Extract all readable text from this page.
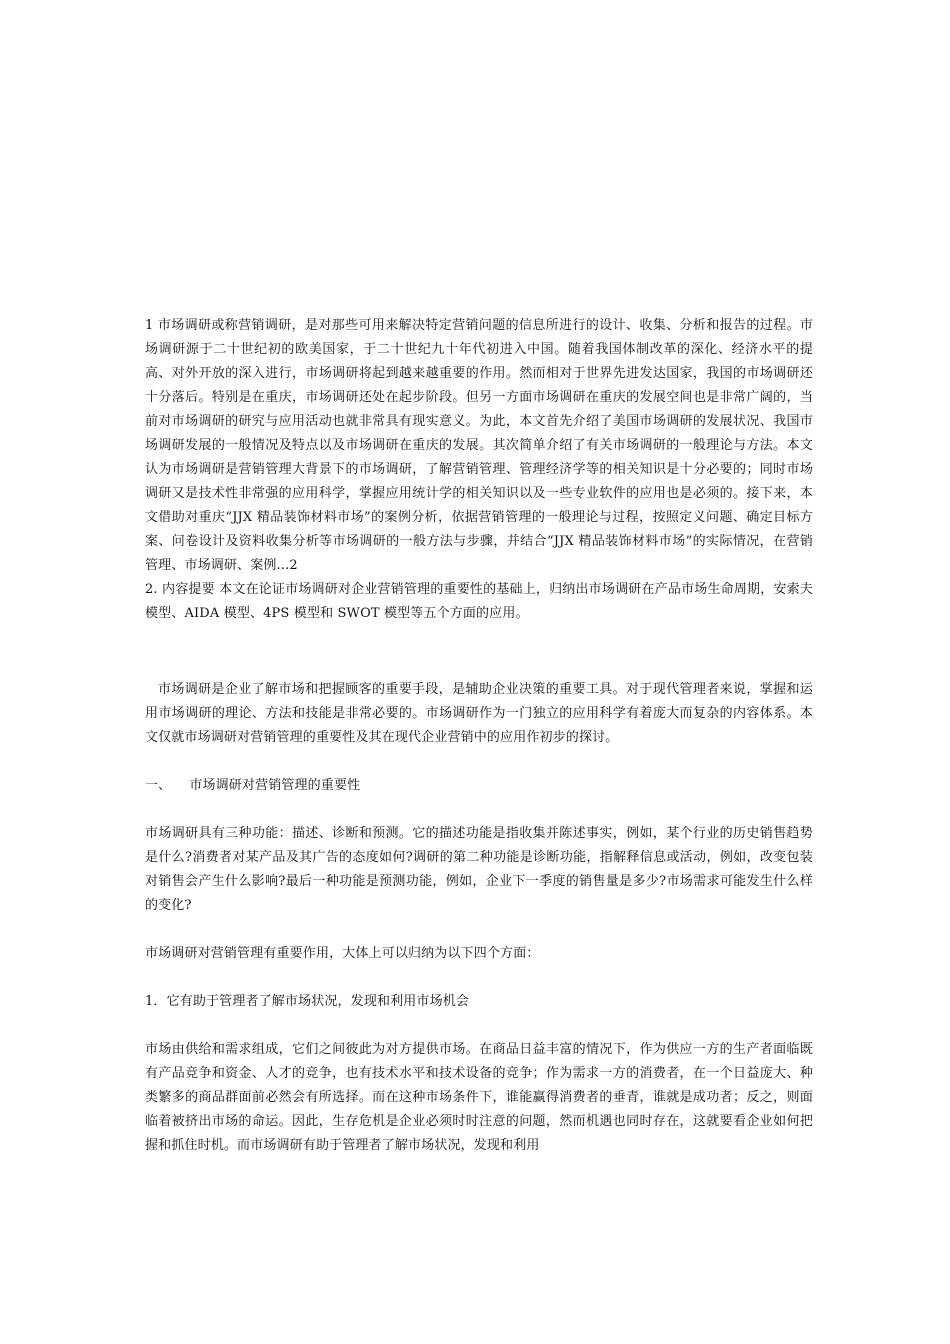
1 市场调研或称营销调研，是对那些可用来解决特定营销问题的信息所进行的设计、收集、分析和报告的过程。市场调研源于二十世纪初的欧美国家，于二十世纪九十年代初进入中国。随着我国体制改革的深化、经济水平的提高、对外开放的深入进行，市场调研将起到越来越重要的作用。然而相对于世界先进发达国家，我国的市场调研还十分落后。特别是在重庆，市场调研还处在起步阶段。但另一方面市场调研在重庆的发展空间也是非常广阔的，当前对市场调研的研究与应用活动也就非常具有现实意义。为此，本文首先介绍了美国市场调研的发展状况、我国市场调研发展的一般情况及特点以及市场调研在重庆的发展。其次简单介绍了有关市场调研的一般理论与方法。本文认为市场调研是营销管理大背景下的市场调研，了解营销管理、管理经济学等的相关知识是十分必要的；同时市场调研又是技术性非常强的应用科学，掌握应用统计学的相关知识以及一些专业软件的应用也是必须的。接下来，本文借助对重庆“JJX 精品装饰材料市场”的案例分析，依据营销管理的一般理论与过程，按照定义问题、确定目标方案、问卷设计及资料收集分析等市场调研的一般方法与步骤，并结合“JJX 精品装饰材料市场”的实际情况，在营销管理、市场调研、案例...2

2. 内容提要 本文在论证市场调研对企业营销管理的重要性的基础上，归纳出市场调研在产品市场生命周期，安索夫模型、AIDA 模型、4PS 模型和 SWOT 模型等五个方面的应用。

市场调研是企业了解市场和把握顾客的重要手段，是辅助企业决策的重要工具。对于现代管理者来说，掌握和运用市场调研的理论、方法和技能是非常必要的。市场调研作为一门独立的应用科学有着庞大而复杂的内容体系。本文仅就市场调研对营销管理的重要性及其在现代企业营销中的应用作初步的探讨。

一、 市场调研对营销管理的重要性

市场调研具有三种功能：描述、诊断和预测。它的描述功能是指收集并陈述事实，例如，某个行业的历史销售趋势是什么?消费者对某产品及其广告的态度如何?调研的第二种功能是诊断功能，指解释信息或活动，例如，改变包装对销售会产生什么影响?最后一种功能是预测功能，例如，企业下一季度的销售量是多少?市场需求可能发生什么样的变化?

市场调研对营销管理有重要作用，大体上可以归纳为以下四个方面：

1．它有助于管理者了解市场状况，发现和利用市场机会

市场由供给和需求组成，它们之间彼此为对方提供市场。在商品日益丰富的情况下，作为供应一方的生产者面临既有产品竞争和资金、人才的竞争，也有技术水平和技术设备的竞争；作为需求一方的消费者，在一个日益庞大、种类繁多的商品群面前必然会有所选择。而在这种市场条件下，谁能赢得消费者的垂青，谁就是成功者；反之，则面临着被挤出市场的命运。因此，生存危机是企业必须时时注意的问题，然而机遇也同时存在，这就要看企业如何把握和抓住时机。而市场调研有助于管理者了解市场状况，发现和利用
